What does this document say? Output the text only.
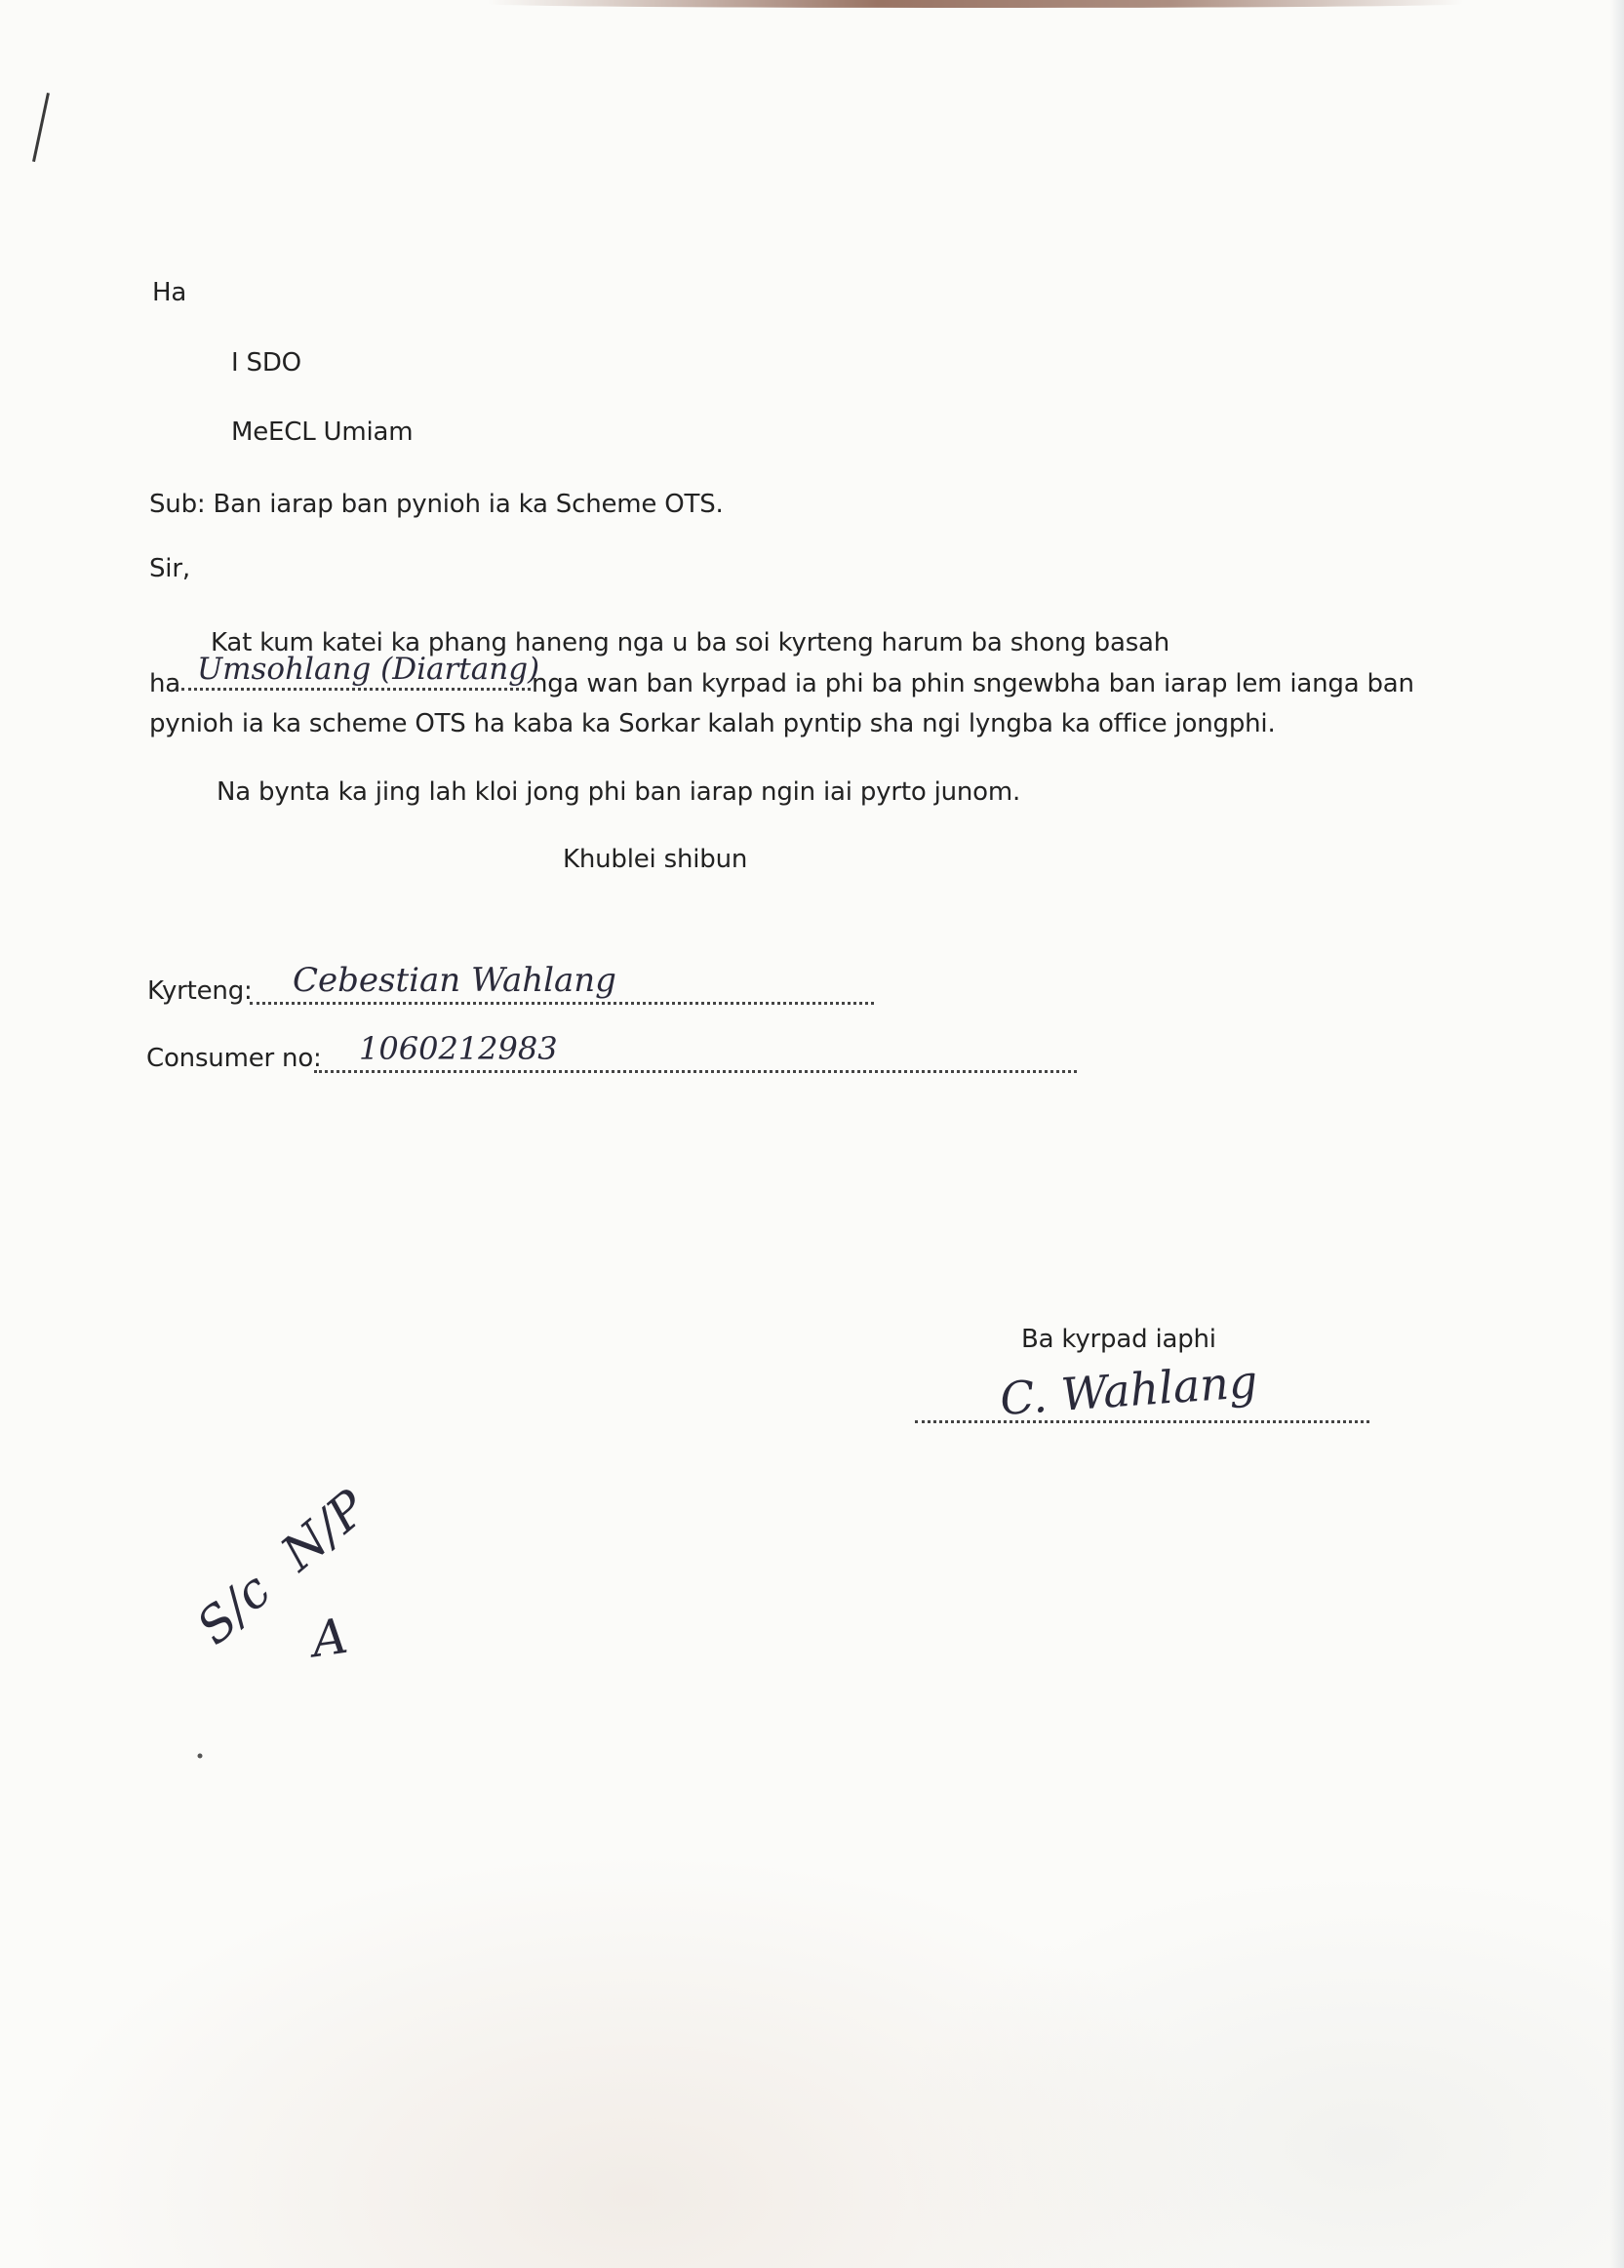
Ha
I SDO
MeECL Umiam
Sub: Ban iarap ban pynioh ia ka Scheme OTS.
Sir,
Kat kum katei ka phang haneng nga u ba soi kyrteng harum ba shong basah
ha Umsohlang (Diartang)
nga wan ban kyrpad ia phi ba phin sngewbha ban iarap lem ianga ban
pynioh ia ka scheme OTS ha kaba ka Sorkar kalah pyntip sha ngi lyngba ka office jongphi.
Na bynta ka jing lah kloi jong phi ban iarap ngin iai pyrto junom.
Khublei shibun
Kyrteng: Cebestian Wahlang
Consumer no: 1060212983
Ba kyrpad iaphi
C. Wahlang
S/c
N/P
A
